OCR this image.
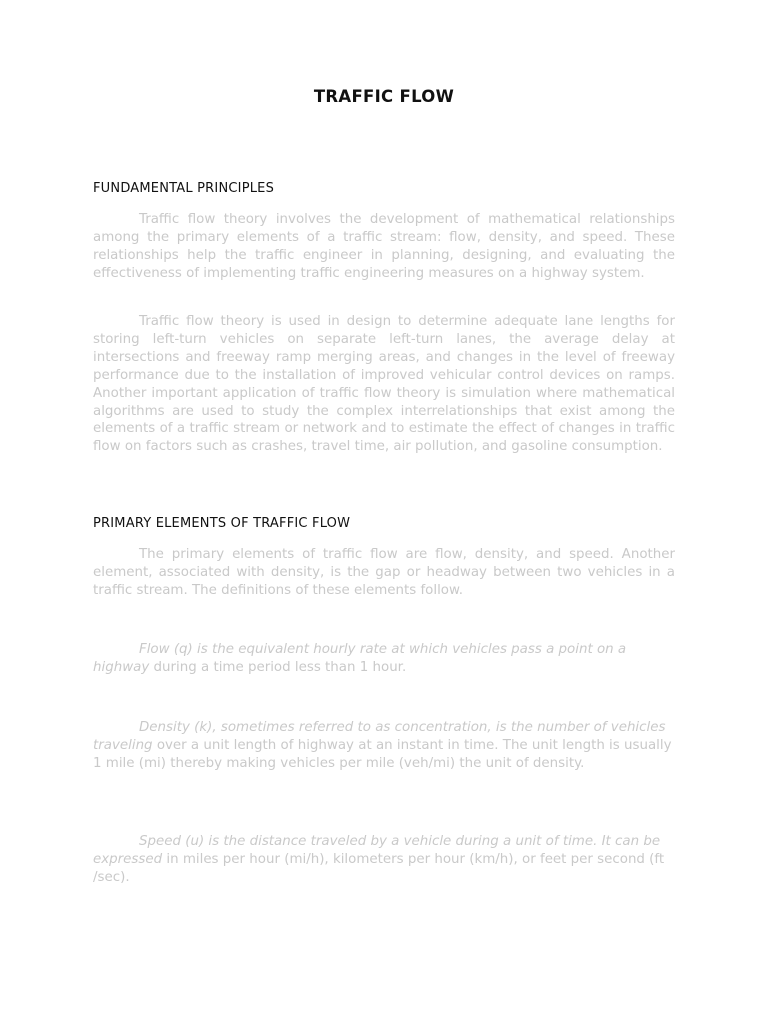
TRAFFIC FLOW
FUNDAMENTAL PRINCIPLES

Traffic flow theory involves the development of mathematical relationships among the primary elements of a traffic stream: flow, density, and speed. These relationships help the traffic engineer in planning, designing, and evaluating the effectiveness of implementing traffic engineering measures on a highway system.

Traffic flow theory is used in design to determine adequate lane lengths for storing left-turn vehicles on separate left-turn lanes, the average delay at intersections and freeway ramp merging areas, and changes in the level of freeway performance due to the installation of improved vehicular control devices on ramps. Another important application of traffic flow theory is simulation where mathematical algorithms are used to study the complex interrelationships that exist among the elements of a traffic stream or network and to estimate the effect of changes in traffic flow on factors such as crashes, travel time, air pollution, and gasoline consumption.

PRIMARY ELEMENTS OF TRAFFIC FLOW

The primary elements of traffic flow are flow, density, and speed. Another element, associated with density, is the gap or headway between two vehicles in a traffic stream. The definitions of these elements follow.

Flow (q) is the equivalent hourly rate at which vehicles pass a point on a highway during a time period less than 1 hour.

Density (k), sometimes referred to as concentration, is the number of vehicles traveling over a unit length of highway at an instant in time. The unit length is usually 1 mile (mi) thereby making vehicles per mile (veh/mi) the unit of density.

Speed (u) is the distance traveled by a vehicle during a unit of time. It can be expressed in miles per hour (mi/h), kilometers per hour (km/h), or feet per second (ft /sec).
